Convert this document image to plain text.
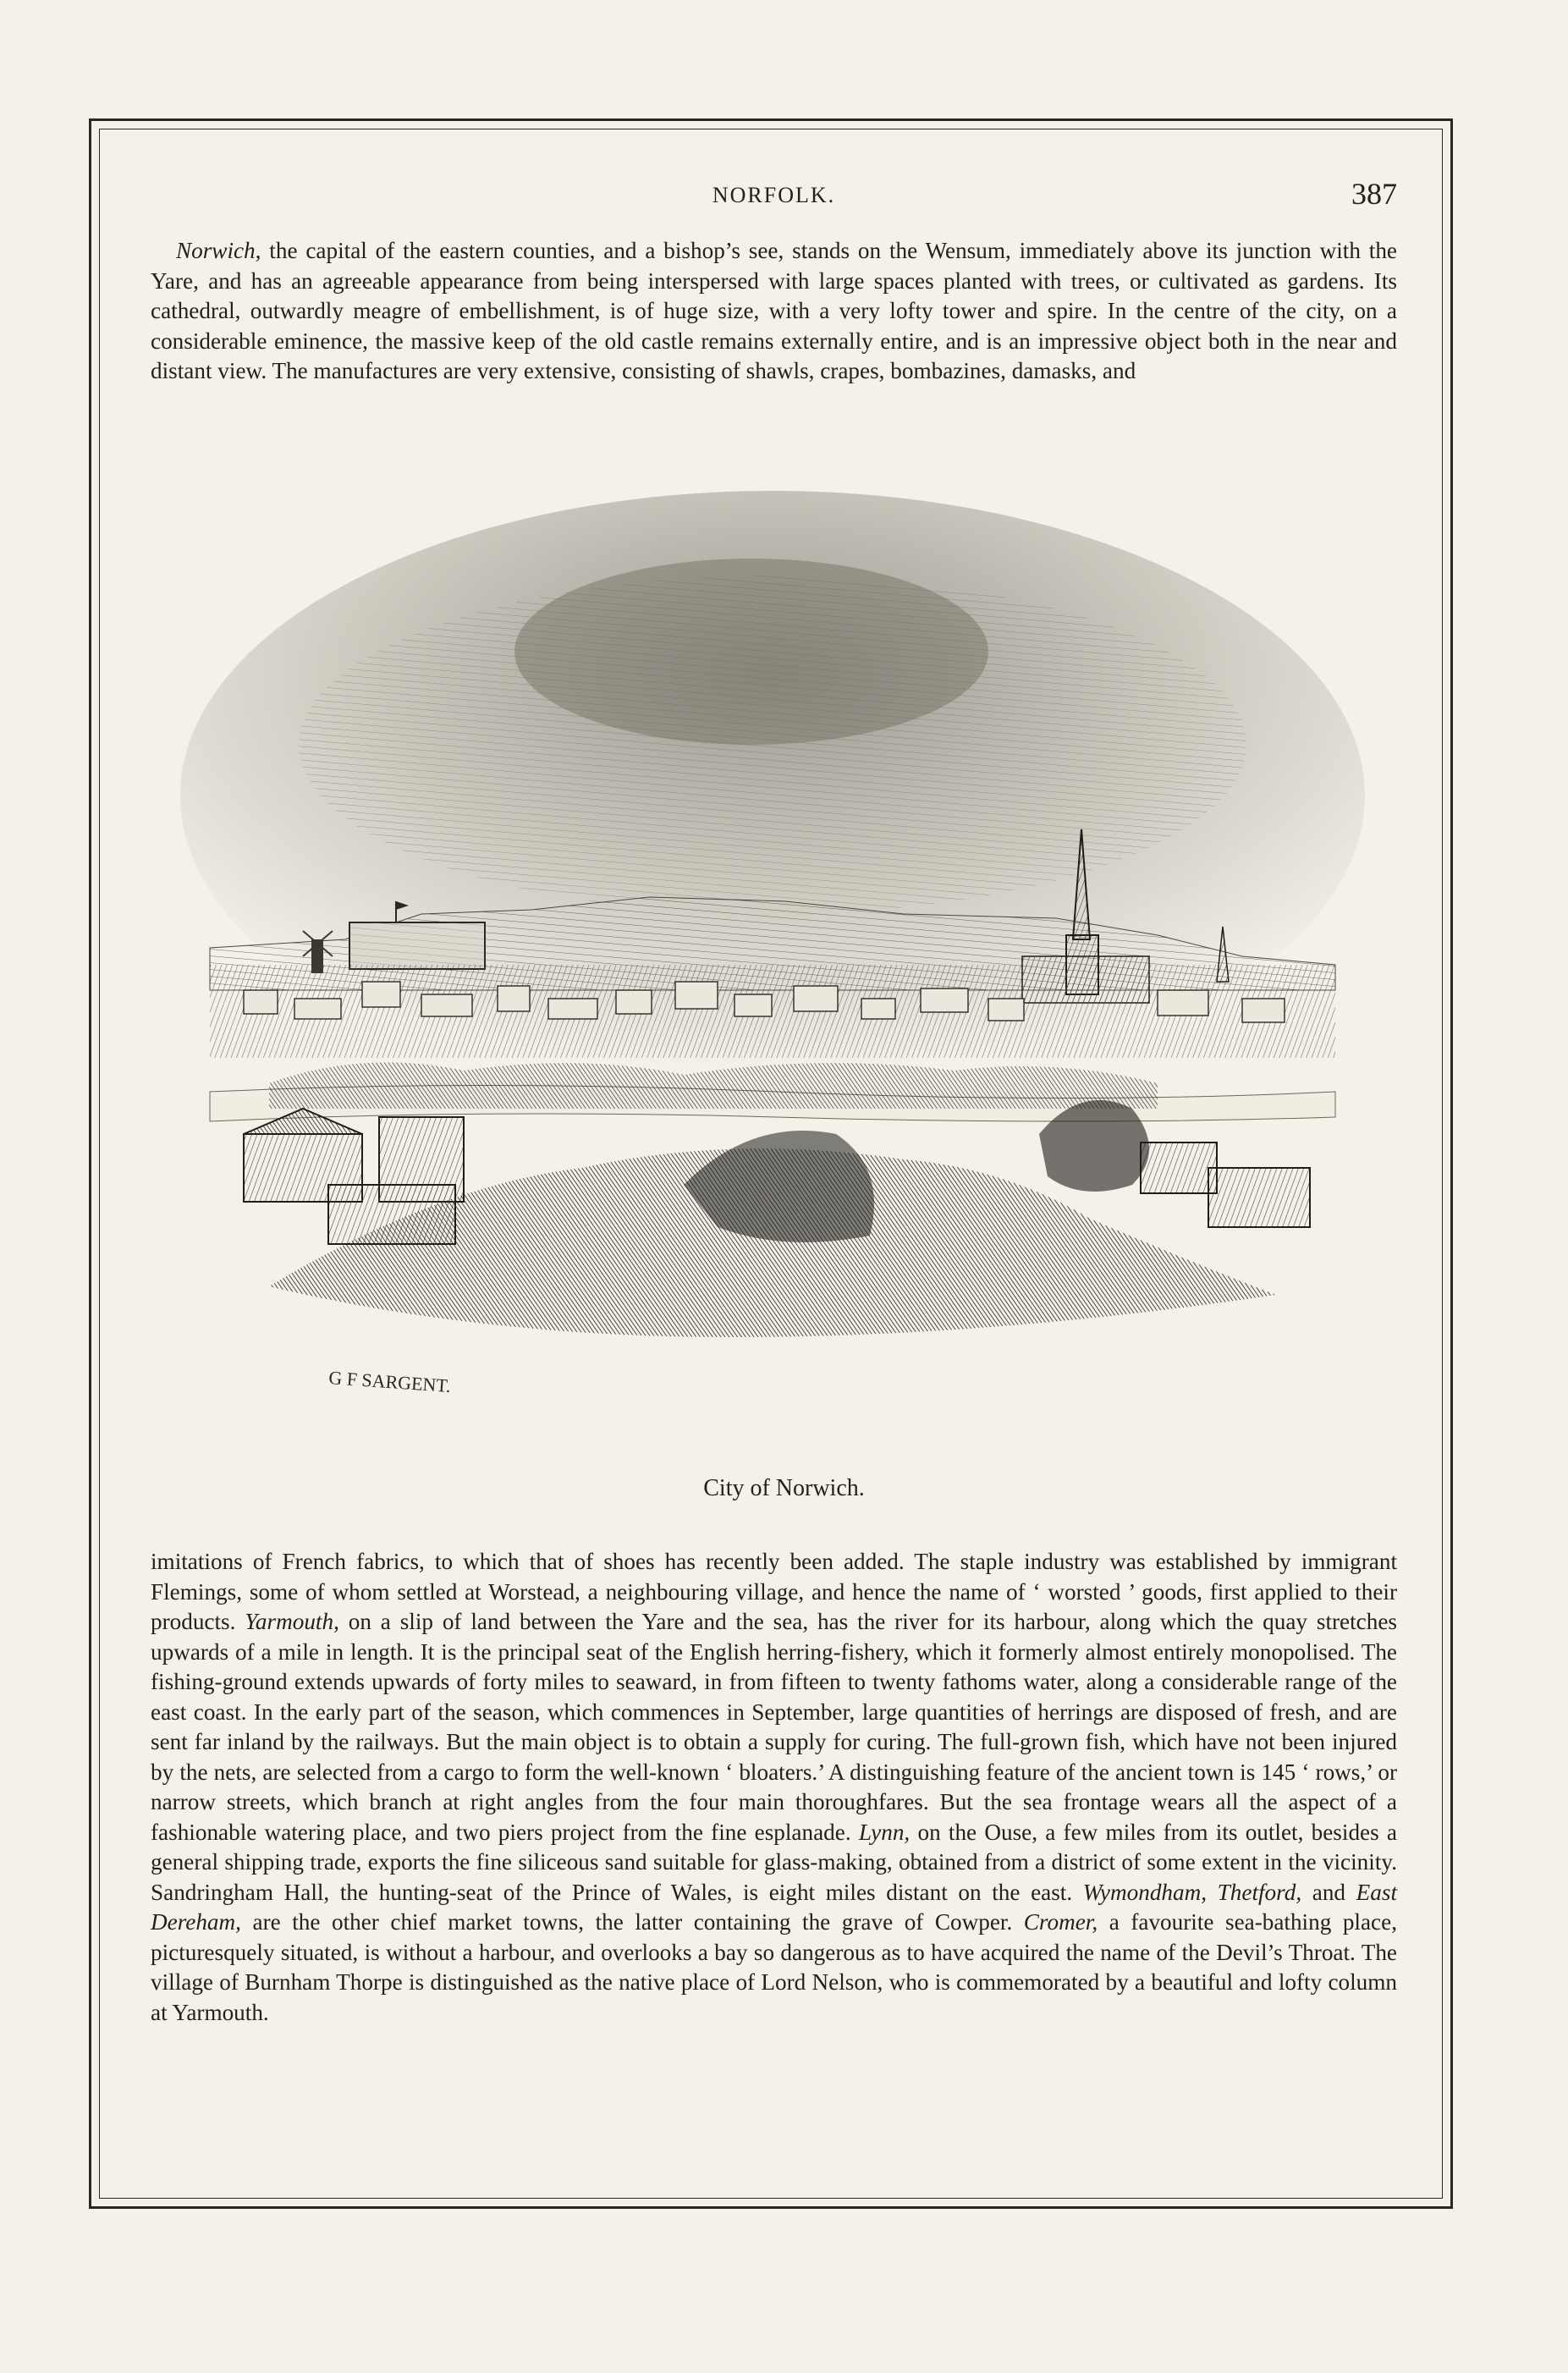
NORFOLK.	387

Norwich, the capital of the eastern counties, and a bishop’s see, stands on the Wensum, immediately above its junction with the Yare, and has an agreeable appearance from being interspersed with large spaces planted with trees, or cultivated as gardens. Its cathedral, outwardly meagre of embellishment, is of huge size, with a very lofty tower and spire. In the centre of the city, on a considerable eminence, the massive keep of the old castle remains externally entire, and is an impressive object both in the near and distant view. The manufactures are very extensive, consisting of shawls, crapes, bombazines, damasks, and

G F SARGENT.
City of Norwich.

imitations of French fabrics, to which that of shoes has recently been added. The staple industry was established by immigrant Flemings, some of whom settled at Worstead, a neighbouring village, and hence the name of ‘ worsted ’ goods, first applied to their products. Yarmouth, on a slip of land between the Yare and the sea, has the river for its harbour, along which the quay stretches upwards of a mile in length. It is the principal seat of the English herring-fishery, which it formerly almost entirely monopolised. The fishing-ground extends upwards of forty miles to seaward, in from fifteen to twenty fathoms water, along a considerable range of the east coast. In the early part of the season, which commences in September, large quantities of herrings are disposed of fresh, and are sent far inland by the railways. But the main object is to obtain a supply for curing. The full-grown fish, which have not been injured by the nets, are selected from a cargo to form the well-known ‘ bloaters.’ A distinguishing feature of the ancient town is 145 ‘ rows,’ or narrow streets, which branch at right angles from the four main thoroughfares. But the sea frontage wears all the aspect of a fashionable watering place, and two piers project from the fine esplanade. Lynn, on the Ouse, a few miles from its outlet, besides a general shipping trade, exports the fine siliceous sand suitable for glass-making, obtained from a district of some extent in the vicinity. Sandringham Hall, the hunting-seat of the Prince of Wales, is eight miles distant on the east. Wymondham, Thetford, and East Dereham, are the other chief market towns, the latter containing the grave of Cowper. Cromer, a favourite sea-bathing place, picturesquely situated, is without a harbour, and overlooks a bay so dangerous as to have acquired the name of the Devil’s Throat. The village of Burnham Thorpe is distinguished as the native place of Lord Nelson, who is commemorated by a beautiful and lofty column at Yarmouth.
